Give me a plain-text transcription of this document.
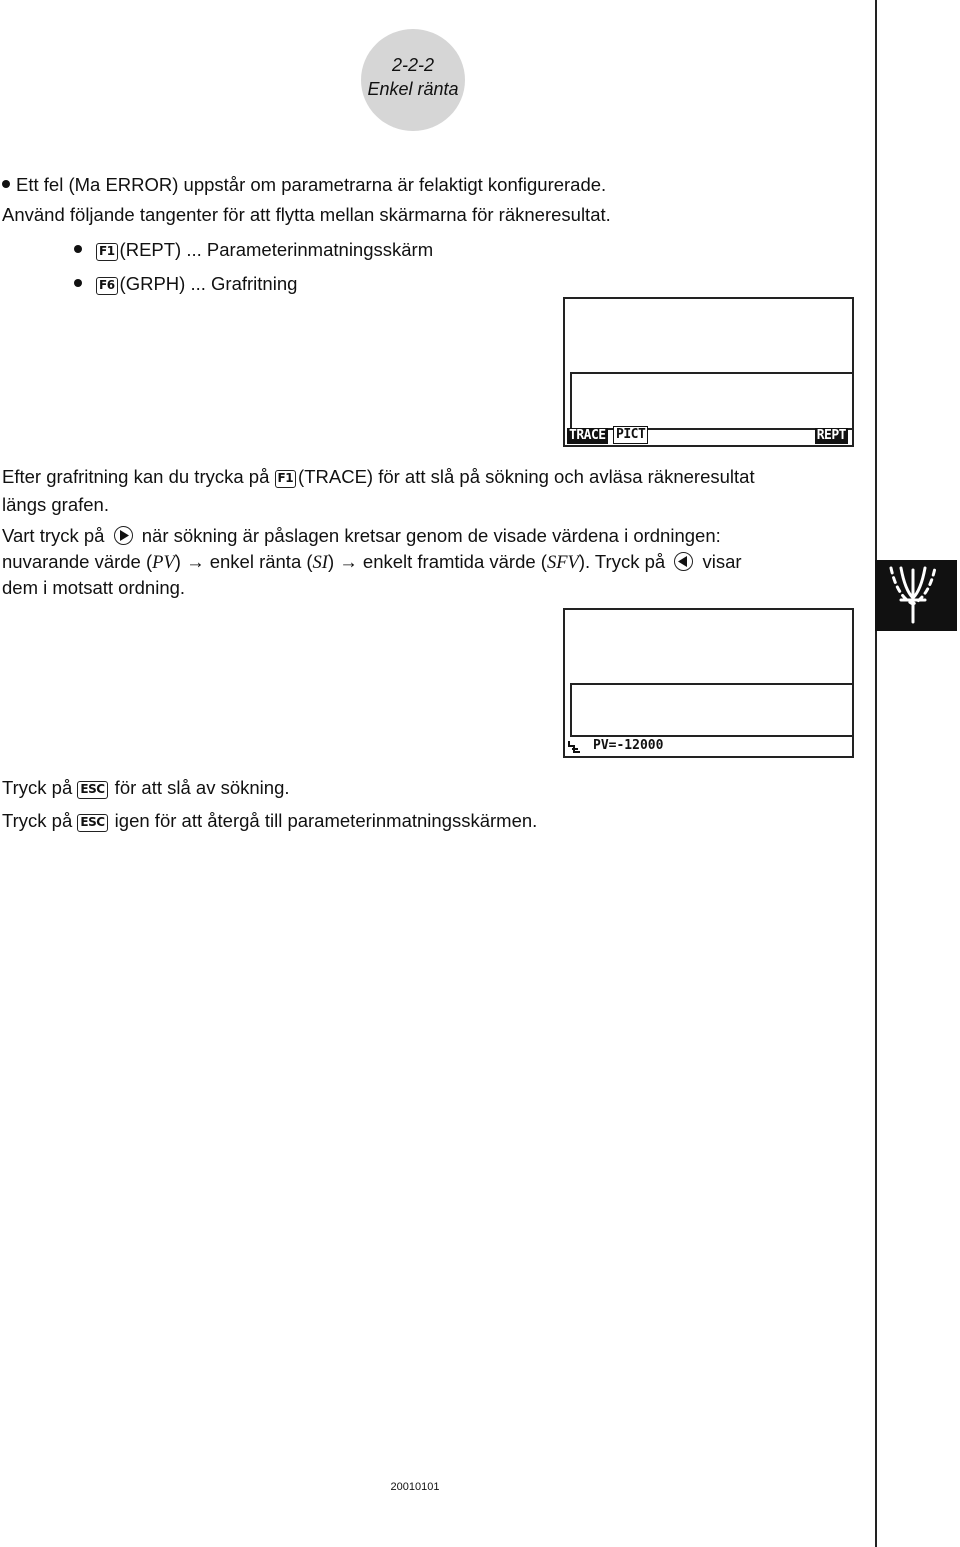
2-2-2
Enkel ränta
Ett fel (Ma ERROR) uppstår om parametrarna är felaktigt konfigurerade.
Använd följande tangenter för att flytta mellan skärmarna för räkneresultat.
F1 (REPT) ... Parameterinmatningsskärm
F6 (GRPH) ... Grafritning
TRACE PICT	REPT
Efter grafritning kan du trycka på F1 (TRACE) för att slå på sökning och avläsa räkneresultat
längs grafen.
Vart tryck på
när sökning är påslagen kretsar genom de visade värdena i ordningen:
nuvarande värde (PV) → enkel ränta (SI) → enkelt framtida värde (SFV). Tryck på
visar
dem i motsatt ordning.
PV=-12000
Tryck på ESC för att slå av sökning.
Tryck på ESC igen för att återgå till parameterinmatningsskärmen.
20010101
